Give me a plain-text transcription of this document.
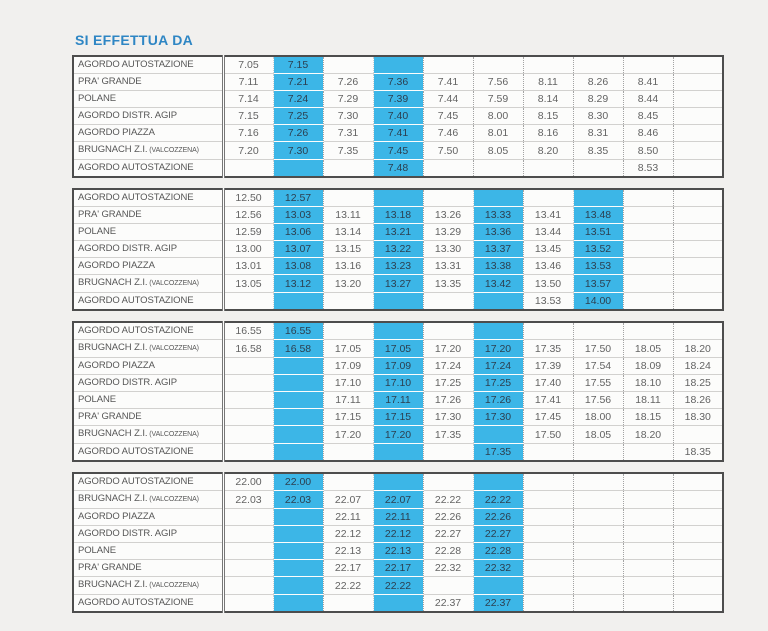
SI EFFETTUA DA
AGORDO AUTOSTAZIONE	7.05	7.15								
PRA' GRANDE	7.11	7.21	7.26	7.36	7.41	7.56	8.11	8.26	8.41	
POLANE	7.14	7.24	7.29	7.39	7.44	7.59	8.14	8.29	8.44	
AGORDO DISTR. AGIP	7.15	7.25	7.30	7.40	7.45	8.00	8.15	8.30	8.45	
AGORDO PIAZZA	7.16	7.26	7.31	7.41	7.46	8.01	8.16	8.31	8.46	
BRUGNACH Z.I. (VALCOZZENA)	7.20	7.30	7.35	7.45	7.50	8.05	8.20	8.35	8.50	
AGORDO AUTOSTAZIONE				7.48					8.53	
AGORDO AUTOSTAZIONE	12.50	12.57								
PRA' GRANDE	12.56	13.03	13.11	13.18	13.26	13.33	13.41	13.48		
POLANE	12.59	13.06	13.14	13.21	13.29	13.36	13.44	13.51		
AGORDO DISTR. AGIP	13.00	13.07	13.15	13.22	13.30	13.37	13.45	13.52		
AGORDO PIAZZA	13.01	13.08	13.16	13.23	13.31	13.38	13.46	13.53		
BRUGNACH Z.I. (VALCOZZENA)	13.05	13.12	13.20	13.27	13.35	13.42	13.50	13.57		
AGORDO AUTOSTAZIONE							13.53	14.00		
AGORDO AUTOSTAZIONE	16.55	16.55								
BRUGNACH Z.I. (VALCOZZENA)	16.58	16.58	17.05	17.05	17.20	17.20	17.35	17.50	18.05	18.20
AGORDO PIAZZA			17.09	17.09	17.24	17.24	17.39	17.54	18.09	18.24
AGORDO DISTR. AGIP			17.10	17.10	17.25	17.25	17.40	17.55	18.10	18.25
POLANE			17.11	17.11	17.26	17.26	17.41	17.56	18.11	18.26
PRA' GRANDE			17.15	17.15	17.30	17.30	17.45	18.00	18.15	18.30
BRUGNACH Z.I. (VALCOZZENA)			17.20	17.20	17.35		17.50	18.05	18.20	
AGORDO AUTOSTAZIONE						17.35				18.35
AGORDO AUTOSTAZIONE	22.00	22.00								
BRUGNACH Z.I. (VALCOZZENA)	22.03	22.03	22.07	22.07	22.22	22.22				
AGORDO PIAZZA			22.11	22.11	22.26	22.26				
AGORDO DISTR. AGIP			22.12	22.12	22.27	22.27				
POLANE			22.13	22.13	22.28	22.28				
PRA' GRANDE			22.17	22.17	22.32	22.32				
BRUGNACH Z.I. (VALCOZZENA)			22.22	22.22						
AGORDO AUTOSTAZIONE					22.37	22.37				
